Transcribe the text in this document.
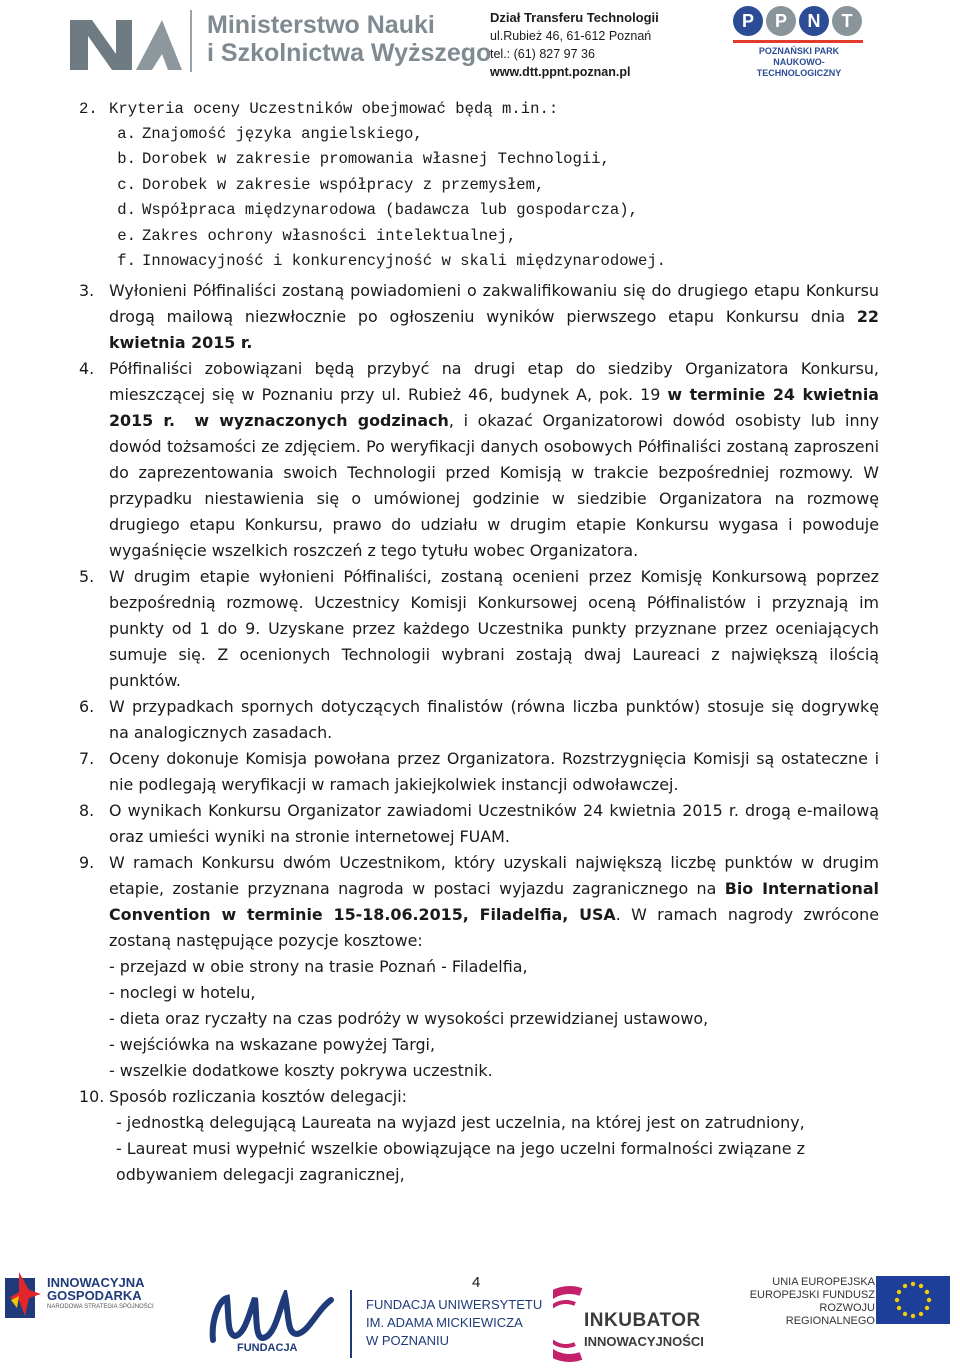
Ministerstwo Nauki
i Szkolnictwa Wyższego
Dział Transferu Technologii
ul.Rubież 46, 61-612 Poznań
tel.: (61) 827 97 36
www.dtt.ppnt.poznan.pl
P	P	N	T
POZNAŃSKI PARK
NAUKOWO-TECHNOLOGICZNY
2. Kryteria oceny Uczestników obejmować będą m.in.:
a. Znajomość języka angielskiego,
b. Dorobek w zakresie promowania własnej Technologii,
c. Dorobek w zakresie współpracy z przemysłem,
d. Współpraca międzynarodowa (badawcza lub gospodarcza),
e. Zakres ochrony własności intelektualnej,
f. Innowacyjność i konkurencyjność w skali międzynarodowej.
3. Wyłonieni Półfinaliści zostaną powiadomieni o zakwalifikowaniu się do drugiego etapu Konkursu drogą mailową niezwłocznie po ogłoszeniu wyników pierwszego etapu Konkursu dnia 22 kwietnia 2015 r.
4. Półfinaliści zobowiązani będą przybyć na drugi etap do siedziby Organizatora Konkursu, mieszczącej się w Poznaniu przy ul. Rubież 46, budynek A, pok. 19 w terminie 24 kwietnia 2015 r. w wyznaczonych godzinach, i okazać Organizatorowi dowód osobisty lub inny dowód tożsamości ze zdjęciem. Po weryfikacji danych osobowych Półfinaliści zostaną zaproszeni do zaprezentowania swoich Technologii przed Komisją w trakcie bezpośredniej rozmowy. W przypadku niestawienia się o umówionej godzinie w siedzibie Organizatora na rozmowę drugiego etapu Konkursu, prawo do udziału w drugim etapie Konkursu wygasa i powoduje wygaśnięcie wszelkich roszczeń z tego tytułu wobec Organizatora.
5. W drugim etapie wyłonieni Półfinaliści, zostaną ocenieni przez Komisję Konkursową poprzez bezpośrednią rozmowę. Uczestnicy Komisji Konkursowej oceną Półfinalistów i przyznają im punkty od 1 do 9. Uzyskane przez każdego Uczestnika punkty przyznane przez oceniających sumuje się. Z ocenionych Technologii wybrani zostają dwaj Laureaci z największą ilością punktów.
6. W przypadkach spornych dotyczących finalistów (równa liczba punktów) stosuje się dogrywkę na analogicznych zasadach.
7. Oceny dokonuje Komisja powołana przez Organizatora. Rozstrzygnięcia Komisji są ostateczne i nie podlegają weryfikacji w ramach jakiejkolwiek instancji odwoławczej.
8. O wynikach Konkursu Organizator zawiadomi Uczestników 24 kwietnia 2015 r. drogą e-mailową oraz umieści wyniki na stronie internetowej FUAM.
9. W ramach Konkursu dwóm Uczestnikom, który uzyskali największą liczbę punktów w drugim etapie, zostanie przyznana nagroda w postaci wyjazdu zagranicznego na Bio International Convention w terminie 15-18.06.2015, Filadelfia, USA. W ramach nagrody zwrócone zostaną następujące pozycje kosztowe:
- przejazd w obie strony na trasie Poznań - Filadelfia,
- noclegi w hotelu,
- dieta oraz ryczałty na czas podróży w wysokości przewidzianej ustawowo,
- wejściówka na wskazane powyżej Targi,
- wszelkie dodatkowe koszty pokrywa uczestnik.
10. Sposób rozliczania kosztów delegacji:
- jednostką delegującą Laureata na wyjazd jest uczelnia, na której jest on zatrudniony,
- Laureat musi wypełnić wszelkie obowiązujące na jego uczelni formalności związane z odbywaniem delegacji zagranicznej,
4
INNOWACYJNA
GOSPODARKA
NARODOWA STRATEGIA SPÓJNOŚCI
FUNDACJA
FUNDACJA UNIWERSYTETU
IM. ADAMA MICKIEWICZA
W POZNANIU
INKUBATOR
INNOWACYJNOŚCI
UNIA EUROPEJSKA
EUROPEJSKI FUNDUSZ
ROZWOJU REGIONALNEGO
